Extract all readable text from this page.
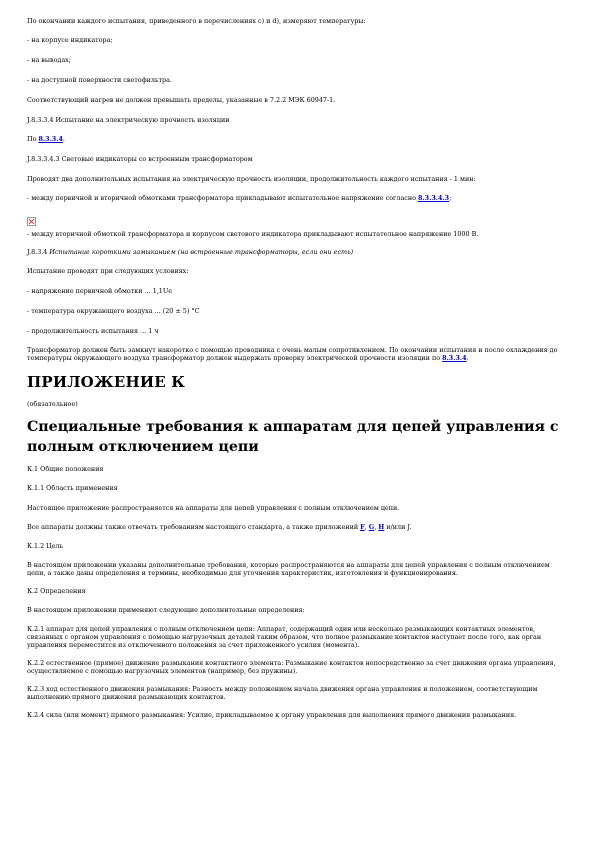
По окончании каждого испытания, приведенного в перечислениях c) и d), измеряют температуры:

- на корпусе индикатора;

- на выводах;

- на доступной поверхности светофильтра.

Соответствующий нагрев не должен превышать пределы, указанные в 7.2.2 МЭК 60947-1.

J.8.3.3.4 Испытание на электрическую прочность изоляции

По 8.3.3.4.

J.8.3.3.4.3 Световые индикаторы со встроенным трансформатором

Проводят два дополнительных испытания на электрическую прочность изоляции, продолжительность каждого испытания - 1 мин:

- между первичной и вторичной обмотками трансформатора прикладывают испытательное напряжение согласно 8.3.3.4.3;

- между вторичной обмоткой трансформатора и корпусом светового индикатора прикладывают испытательное напряжение 1000 В.

J.8.3.4 Испытание короткими замыканием (на встроенные трансформаторы, если они есть)

Испытание проводят при следующих условиях:

- напряжение первичной обмотки ... 1,1Ue

- температура окружающего воздуха ... (20 ± 5) °С

- продолжительность испытания ... 1 ч

Трансформатор должен быть замкнут накоротко с помощью проводника с очень малым сопротивлением. По окончании испытания и после охлаждения до температуры окружающего воздуха трансформатор должен выдержать проверку электрической прочности изоляции по 8.3.3.4.

ПРИЛОЖЕНИЕ К

(обязательное)

Специальные требования к аппаратам для цепей управления с полным отключением цепи

К.1 Общие положения

К.1.1 Область применения

Настоящее приложение распространяется на аппараты для цепей управления с полным отключением цепи.

Все аппараты должны также отвечать требованиям настоящего стандарта, а также приложений F, G, H и/или J.

К.1.2 Цель

В настоящем приложении указаны дополнительные требования, которые распространяются на аппараты для цепей управления с полным отключением цепи, а также даны определения и термины, необходимые для уточнения характеристик, изготовления и функционирования.

К.2 Определения

В настоящем приложении применяют следующие дополнительные определения:

К.2.1 аппарат для цепей управления с полным отключением цепи: Аппарат, содержащий один или несколько размыкающих контактных элементов, связанных с органом управления с помощью нагрузочных деталей таким образом, что полное размыкание контактов наступает после того, как орган управления переместится из отключенного положения за счет приложенного усилия (момента).

К.2.2 естественное (прямое) движение размыкания контактного элемента: Размыкание контактов непосредственно за счет движения органа управления, осуществляемое с помощью нагрузочных элементов (например, без пружины).

К.2.3 ход естественного движения размыкания: Разность между положением начала движения органа управления и положением, соответствующим выполнению прямого движения размыкающих контактов.

К.2.4 сила (или момент) прямого размыкания: Усилие, прикладываемое к органу управления для выполнения прямого движения размыкания.
